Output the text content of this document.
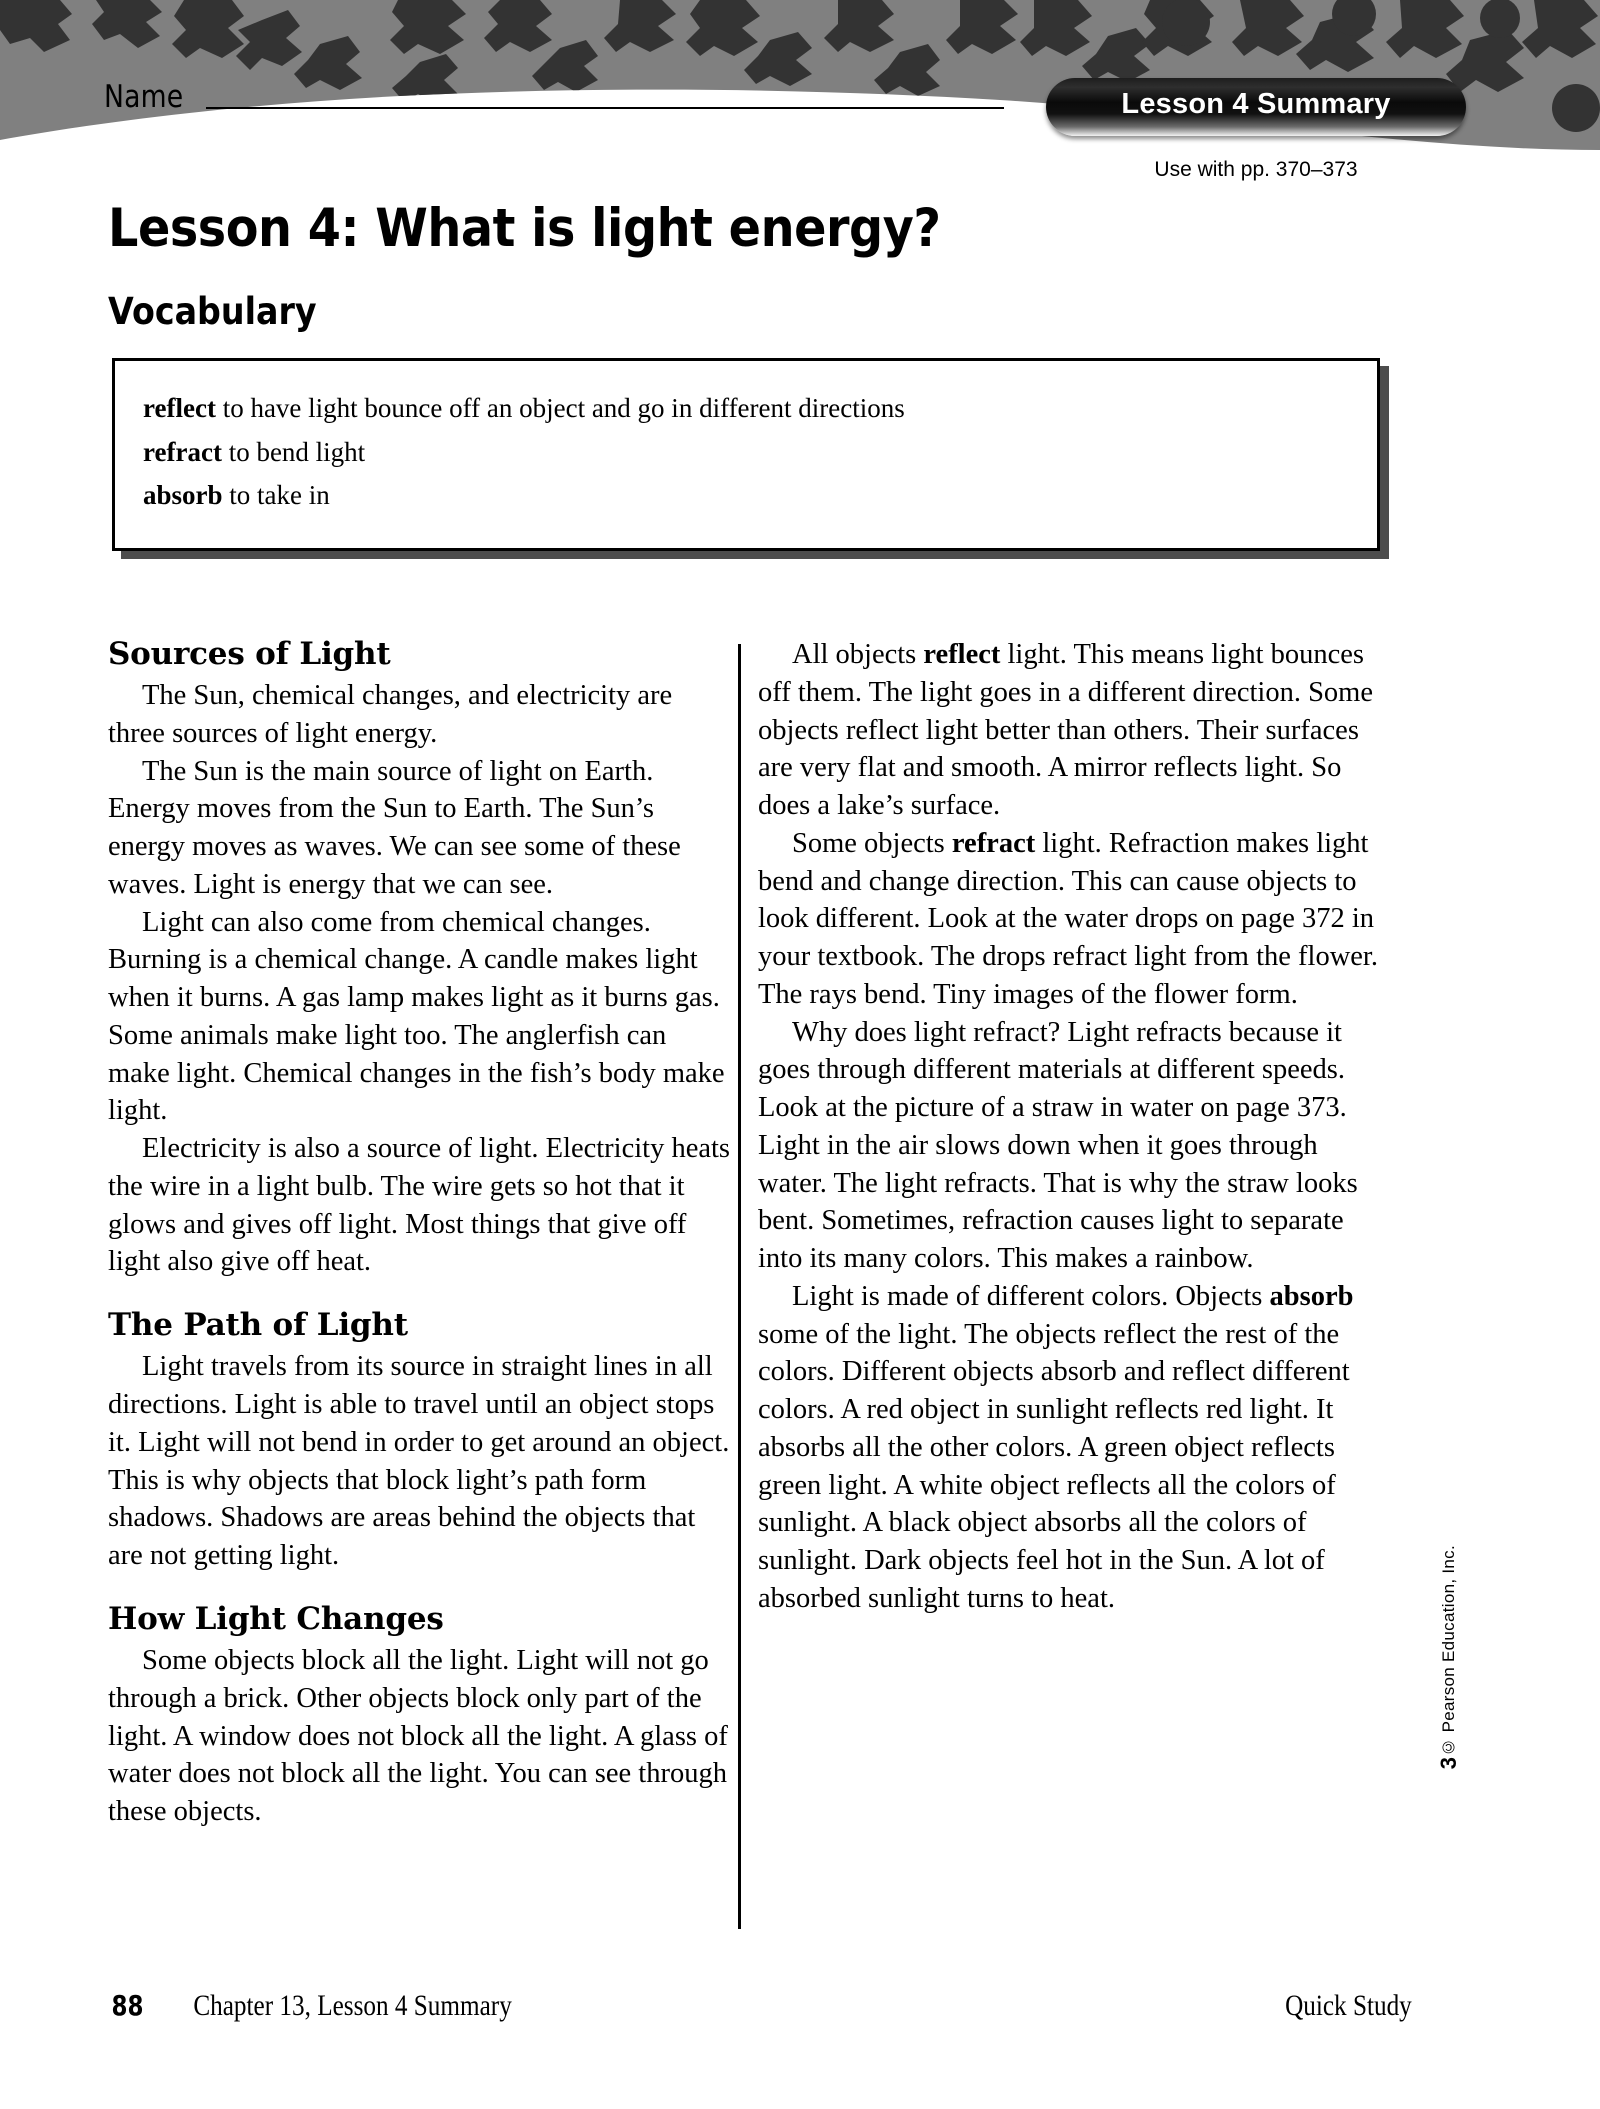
Name	Lesson 4 Summary
Use with pp. 370–373
Lesson 4: What is light energy?
Vocabulary
reflect to have light bounce off an object and go in different directions
refract to bend light
absorb to take in
Sources of Light

The Sun, chemical changes, and electricity are three sources of light energy.

The Sun is the main source of light on Earth. Energy moves from the Sun to Earth. The Sun’s energy moves as waves. We can see some of these waves. Light is energy that we can see.

Light can also come from chemical changes. Burning is a chemical change. A candle makes light when it burns. A gas lamp makes light as it burns gas. Some animals make light too. The anglerfish can make light. Chemical changes in the fish’s body make light.

Electricity is also a source of light. Electricity heats the wire in a light bulb. The wire gets so hot that it glows and gives off light. Most things that give off light also give off heat.

The Path of Light

Light travels from its source in straight lines in all directions. Light is able to travel until an object stops it. Light will not bend in order to get around an object. This is why objects that block light’s path form shadows. Shadows are areas behind the objects that are not getting light.

How Light Changes

Some objects block all the light. Light will not go through a brick. Other objects block only part of the light. A window does not block all the light. A glass of water does not block all the light. You can see through these objects.

All objects reflect light. This means light bounces off them. The light goes in a different direction. Some objects reflect light better than others. Their surfaces are very flat and smooth. A mirror reflects light. So does a lake’s surface.

Some objects refract light. Refraction makes light bend and change direction. This can cause objects to look different. Look at the water drops on page 372 in your textbook. The drops refract light from the flower. The rays bend. Tiny images of the flower form.

Why does light refract? Light refracts because it goes through different materials at different speeds. Look at the picture of a straw in water on page 373. Light in the air slows down when it goes through water. The light refracts. That is why the straw looks bent. Sometimes, refraction causes light to separate into its many colors. This makes a rainbow.

Light is made of different colors. Objects absorb some of the light. The objects reflect the rest of the colors. Different objects absorb and reflect different colors. A red object in sunlight reflects red light. It absorbs all the other colors. A green object reflects green light. A white object reflects all the colors of sunlight. A black object absorbs all the colors of sunlight. Dark objects feel hot in the Sun. A lot of absorbed sunlight turns to heat.

3© Pearson Education, Inc.
88 Chapter 13, Lesson 4 Summary	Quick Study
